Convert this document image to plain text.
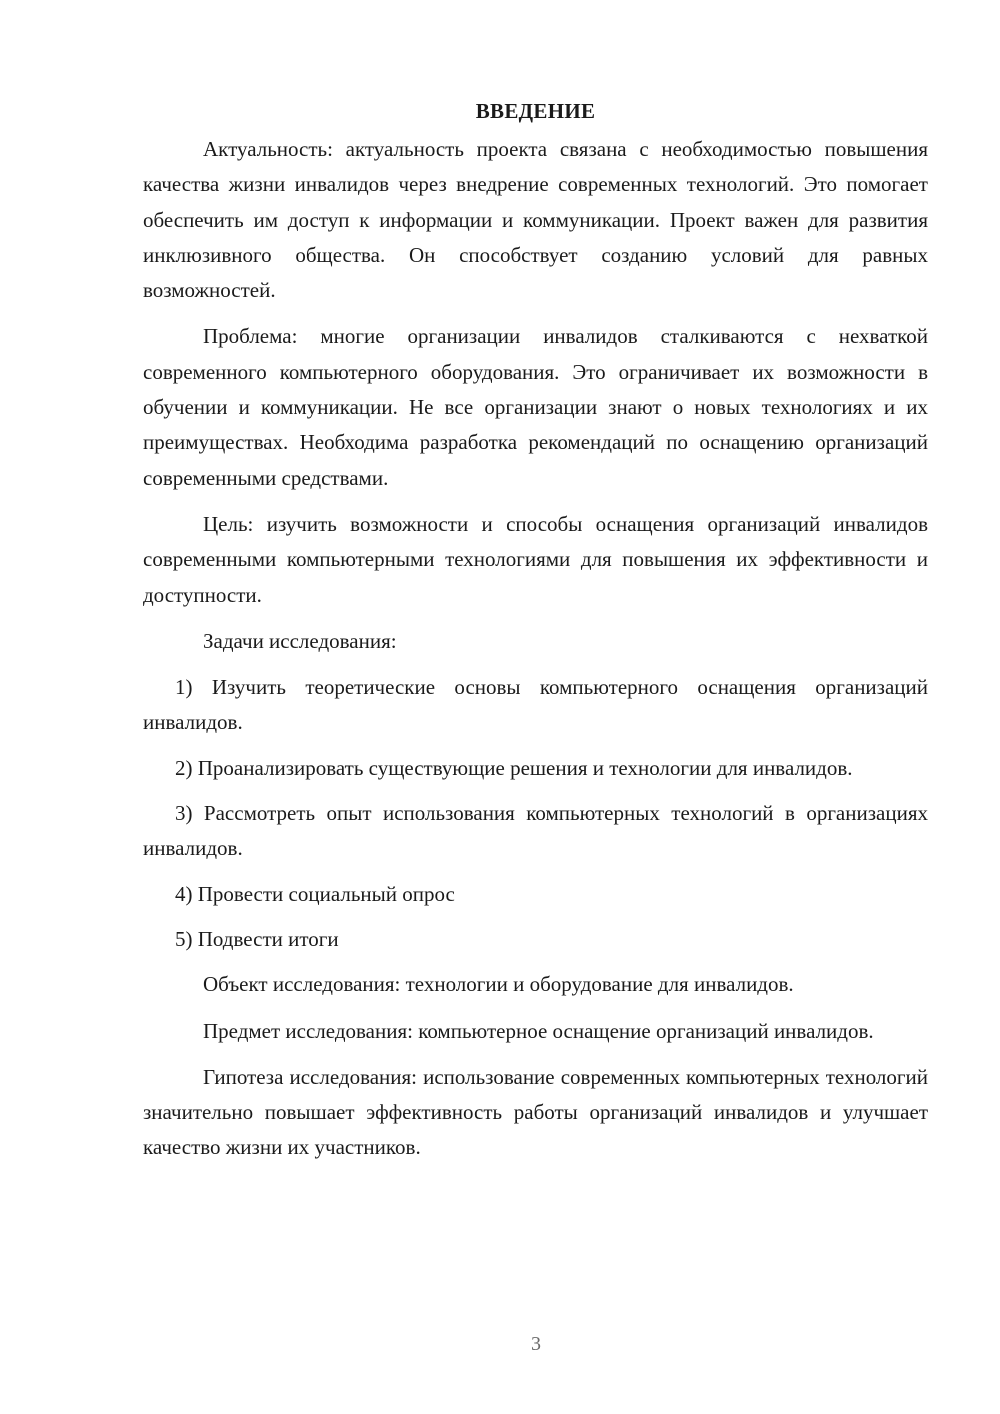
ВВЕДЕНИЕ

Актуальность: актуальность проекта связана с необходимостью повышения качества жизни инвалидов через внедрение современных технологий. Это помогает обеспечить им доступ к информации и коммуникации. Проект важен для развития инклюзивного общества. Он способствует созданию условий для равных возможностей.

Проблема: многие организации инвалидов сталкиваются с нехваткой современного компьютерного оборудования. Это ограничивает их возможности в обучении и коммуникации. Не все организации знают о новых технологиях и их преимуществах. Необходима разработка рекомендаций по оснащению организаций современными средствами.

Цель: изучить возможности и способы оснащения организаций инвалидов современными компьютерными технологиями для повышения их эффективности и доступности.

Задачи исследования:

1) Изучить теоретические основы компьютерного оснащения организаций инвалидов.

2) Проанализировать существующие решения и технологии для инвалидов.

3) Рассмотреть опыт использования компьютерных технологий в организациях инвалидов.

4) Провести социальный опрос

5) Подвести итоги

Объект исследования: технологии и оборудование для инвалидов.

Предмет исследования: компьютерное оснащение организаций инвалидов.

Гипотеза исследования: использование современных компьютерных технологий значительно повышает эффективность работы организаций инвалидов и улучшает качество жизни их участников.

3
